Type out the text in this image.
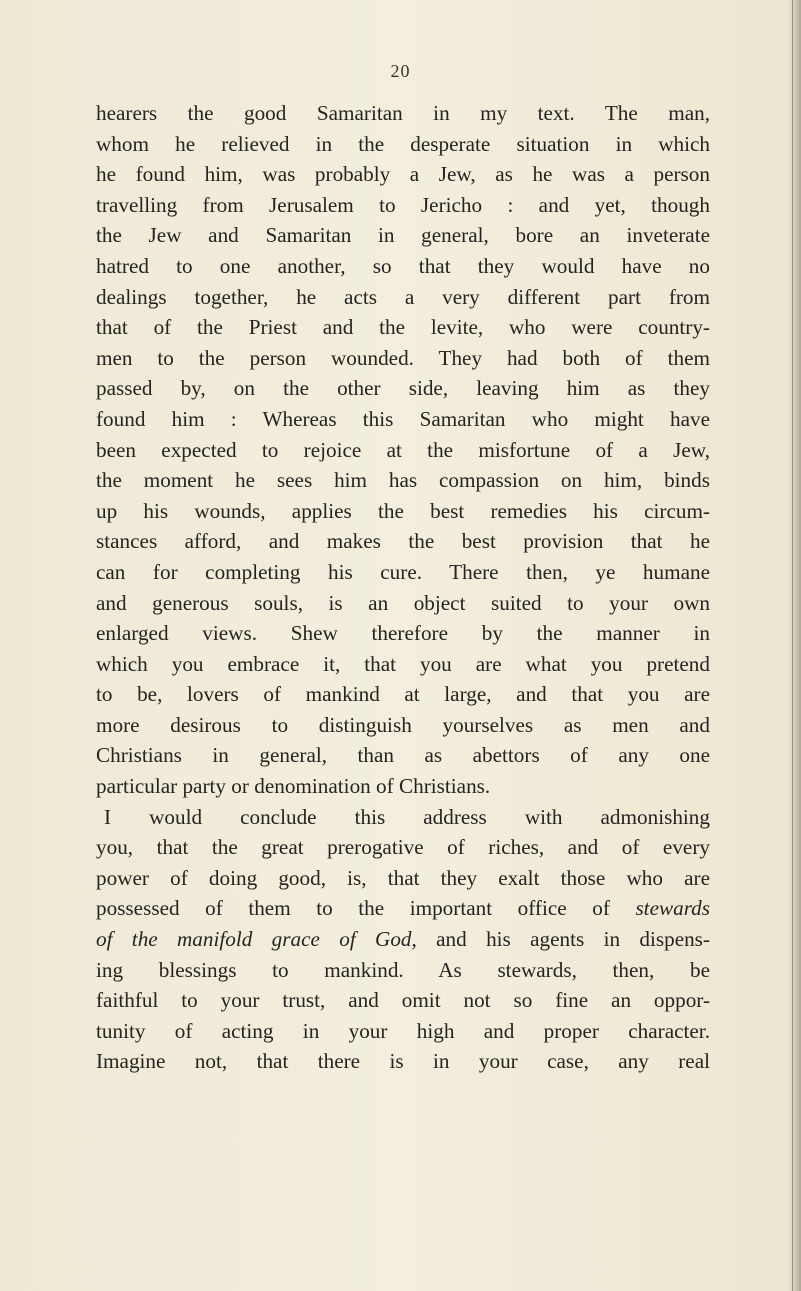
20
hearers the good Samaritan in my text. The man,
whom he relieved in the desperate situation in which
he found him, was probably a Jew, as he was a person
travelling from Jerusalem to Jericho : and yet, though
the Jew and Samaritan in general, bore an inveterate
hatred to one another, so that they would have no
dealings together, he acts a very different part from
that of the Priest and the levite, who were country-
men to the person wounded. They had both of them
passed by, on the other side, leaving him as they
found him : Whereas this Samaritan who might have
been expected to rejoice at the misfortune of a Jew,
the moment he sees him has compassion on him, binds
up his wounds, applies the best remedies his circum-
stances afford, and makes the best provision that he
can for completing his cure. There then, ye humane
and generous souls, is an object suited to your own
enlarged views. Shew therefore by the manner in
which you embrace it, that you are what you pretend
to be, lovers of mankind at large, and that you are
more desirous to distinguish yourselves as men and
Christians in general, than as abettors of any one
particular party or denomination of Christians.
I would conclude this address with admonishing
you, that the great prerogative of riches, and of every
power of doing good, is, that they exalt those who are
possessed of them to the important office of stewards
of the manifold grace of God, and his agents in dispens-
ing blessings to mankind. As stewards, then, be
faithful to your trust, and omit not so fine an oppor-
tunity of acting in your high and proper character.
Imagine not, that there is in your case, any real
